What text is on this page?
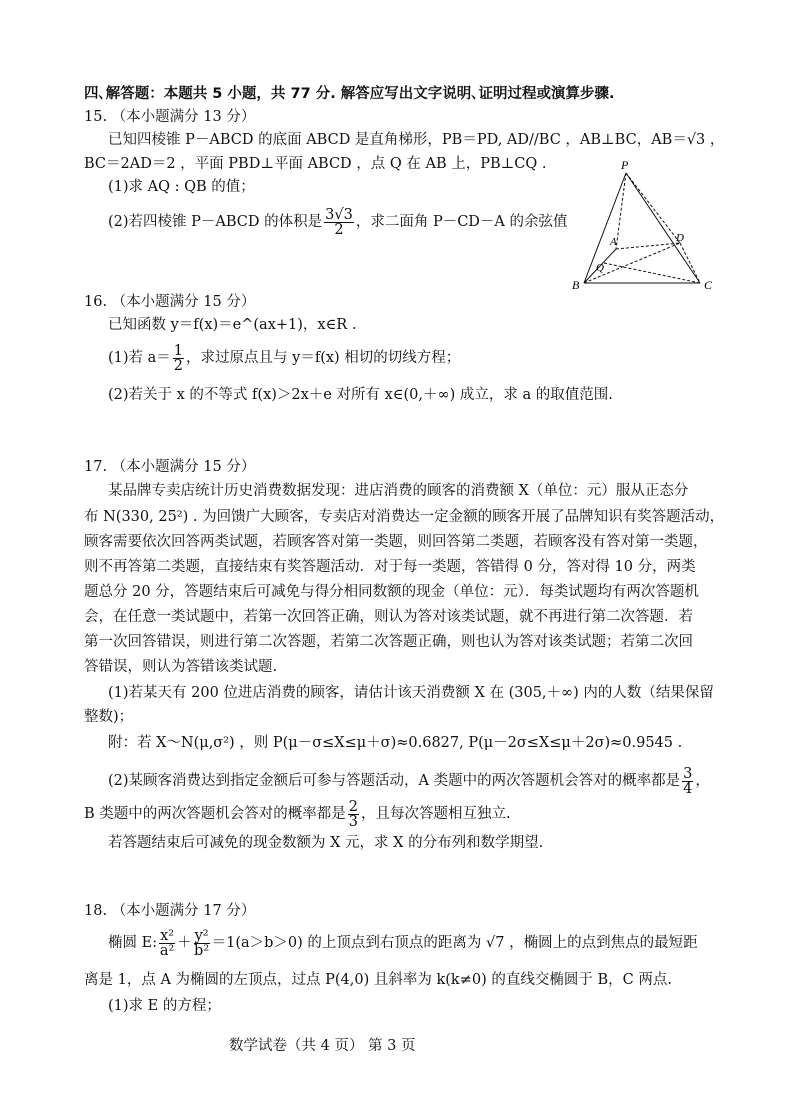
四､解答题：本题共 5 小题，共 77 分. 解答应写出文字说明､证明过程或演算步骤.
15. （本小题满分 13 分）
已知四棱锥 P－ABCD 的底面 ABCD 是直角梯形，PB＝PD, AD//BC ，AB⊥BC，AB＝√3 ，
BC＝2AD＝2 ，平面 PBD⊥平面 ABCD ，点 Q 在 AB 上，PB⊥CQ .
(1)求 AQ : QB 的值；
(2)若四棱锥 P－ABCD 的体积是 $\frac{3√3}{2}$ ，求二面角 P－CD－A 的余弦值
P
A	D
Q
B	C
16. （本小题满分 15 分）
已知函数 y＝f(x)＝e^(ax+1)，x∈R .
(1)若 $a= \frac{1}{2}$ ，求过原点且与 y＝f(x) 相切的切线方程；
(2)若关于 x 的不等式 f(x)＞2x＋e 对所有 x∈(0,＋∞) 成立，求 a 的取值范围.
17. （本小题满分 15 分）
某品牌专卖店统计历史消费数据发现：进店消费的顾客的消费额 X（单位：元）服从正态分
布 N(330, 25²) . 为回馈广大顾客，专卖店对消费达一定金额的顾客开展了品牌知识有奖答题活动，
顾客需要依次回答两类试题，若顾客答对第一类题，则回答第二类题，若顾客没有答对第一类题，
则不再答第二类题，直接结束有奖答题活动．对于每一类题，答错得 0 分，答对得 10 分，两类
题总分 20 分，答题结束后可减免与得分相同数额的现金（单位：元）．每类试题均有两次答题机
会，在任意一类试题中，若第一次回答正确，则认为答对该类试题，就不再进行第二次答题．若
第一次回答错误，则进行第二次答题，若第二次答题正确，则也认为答对该类试题；若第二次回
答错误，则认为答错该类试题.
(1)若某天有 200 位进店消费的顾客，请估计该天消费额 X 在 (305,＋∞) 内的人数（结果保留
整数)；
附：若 X～N(μ,σ²) ，则 P(μ－σ≤X≤μ＋σ)≈0.6827, P(μ－2σ≤X≤μ＋2σ)≈0.9545 .
(2)某顾客消费达到指定金额后可参与答题活动，A 类题中的两次答题机会答对的概率都是 $\frac{3}{4}$ ，
B 类题中的两次答题机会答对的概率都是 $\frac{2}{3}$ ，且每次答题相互独立.
若答题结束后可减免的现金数额为 X 元，求 X 的分布列和数学期望.
18. （本小题满分 17 分）
椭圆 E: $\frac{\text{x²}}{\text{a²}} + \frac{\text{y²}}{\text{b²}} =1(a>b>0)$ 的上顶点到右顶点的距离为 √7 ，椭圆上的点到焦点的最短距
离是 1，点 A 为椭圆的左顶点，过点 P(4,0) 且斜率为 k(k≠0) 的直线交椭圆于 B，C 两点.
(1)求 E 的方程；
数学试卷（共 4 页） 第 3 页
